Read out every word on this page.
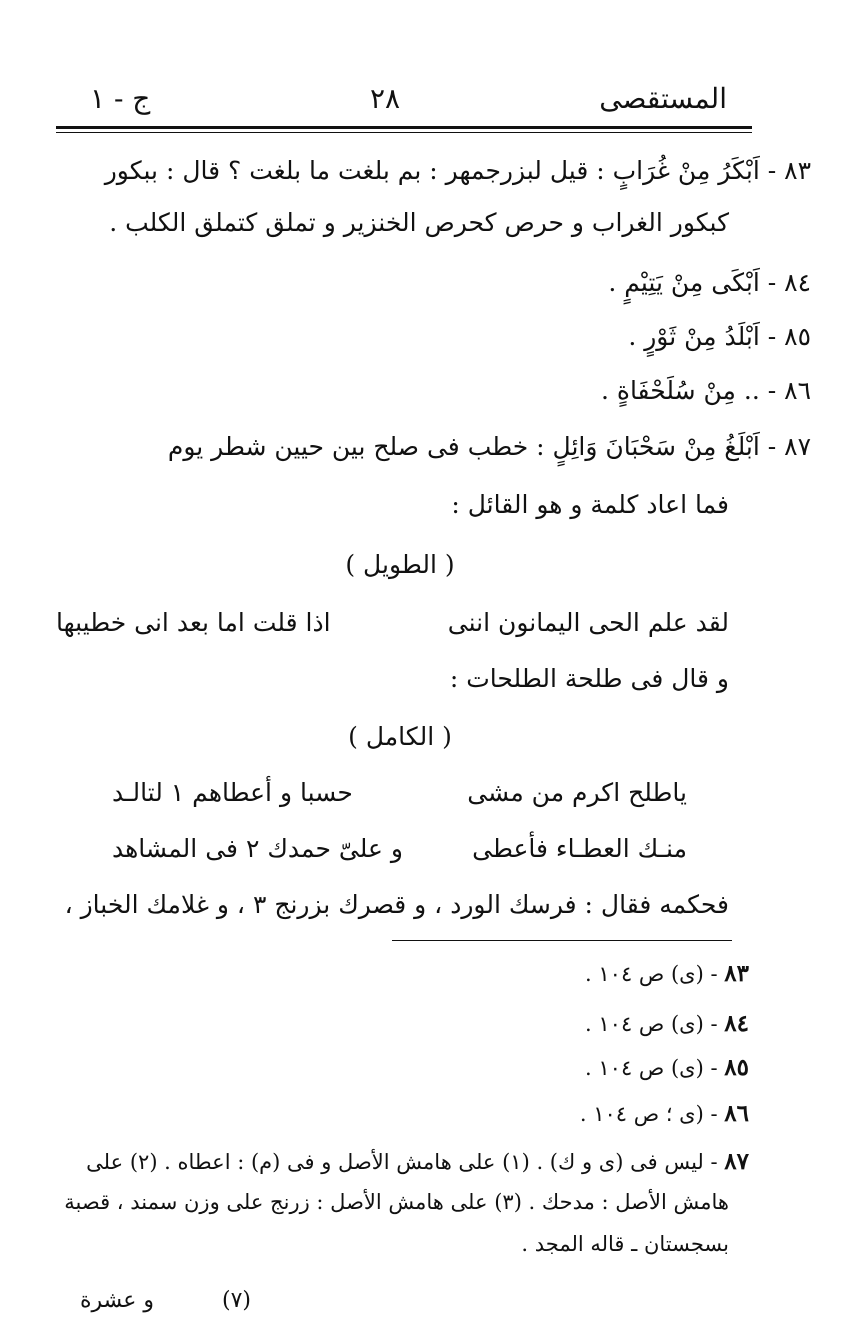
المستقصى
٢٨
ج - ١
٨٣ - اَبْكَرُ مِنْ غُرَابٍ : قيل لبزرجمهر : بم بلغت ما بلغت ؟ قال : ببكور
كبكور الغراب و حرص كحرص الخنزير و تملق كتملق الكلب .
٨٤ - اَبْكَى مِنْ يَتِيْمٍ .
٨٥ - اَبْلَدُ مِنْ ثَوْرٍ .
٨٦ - .. مِنْ سُلَحْفَاةٍ .
٨٧ - اَبْلَغُ مِنْ سَحْبَانَ وَائِلٍ : خطب فى صلح بين حيين شطر يوم
فما اعاد كلمة و هو القائل :
( الطويل )
لقد علم الحى اليمانون اننى
اذا قلت اما بعد انى خطيبها
و قال فى طلحة الطلحات :
( الكامل )
ياطلح اكرم من مشى
حسبا و أعطاهم ١ لتالـد
منـك العطـاء فأعطى
و علىّ حمدك ٢ فى المشاهد
فحكمه فقال : فرسك الورد ، و قصرك بزرنج ٣ ، و غلامك الخباز ،
٨٣ - (ى) ص ١٠٤ .
٨٤ - (ى) ص ١٠٤ .
٨٥ - (ى) ص ١٠٤ .
٨٦ - (ى ؛ ص ١٠٤ .
٨٧ - ليس فى (ى و ك) . (١) على هامش الأصل و فى (م) : اعطاه . (٢) على
هامش الأصل : مدحك . (٣) على هامش الأصل : زرنج على وزن سمند ، قصبة
بسجستان ـ قاله المجد .
(٧)
و عشرة
